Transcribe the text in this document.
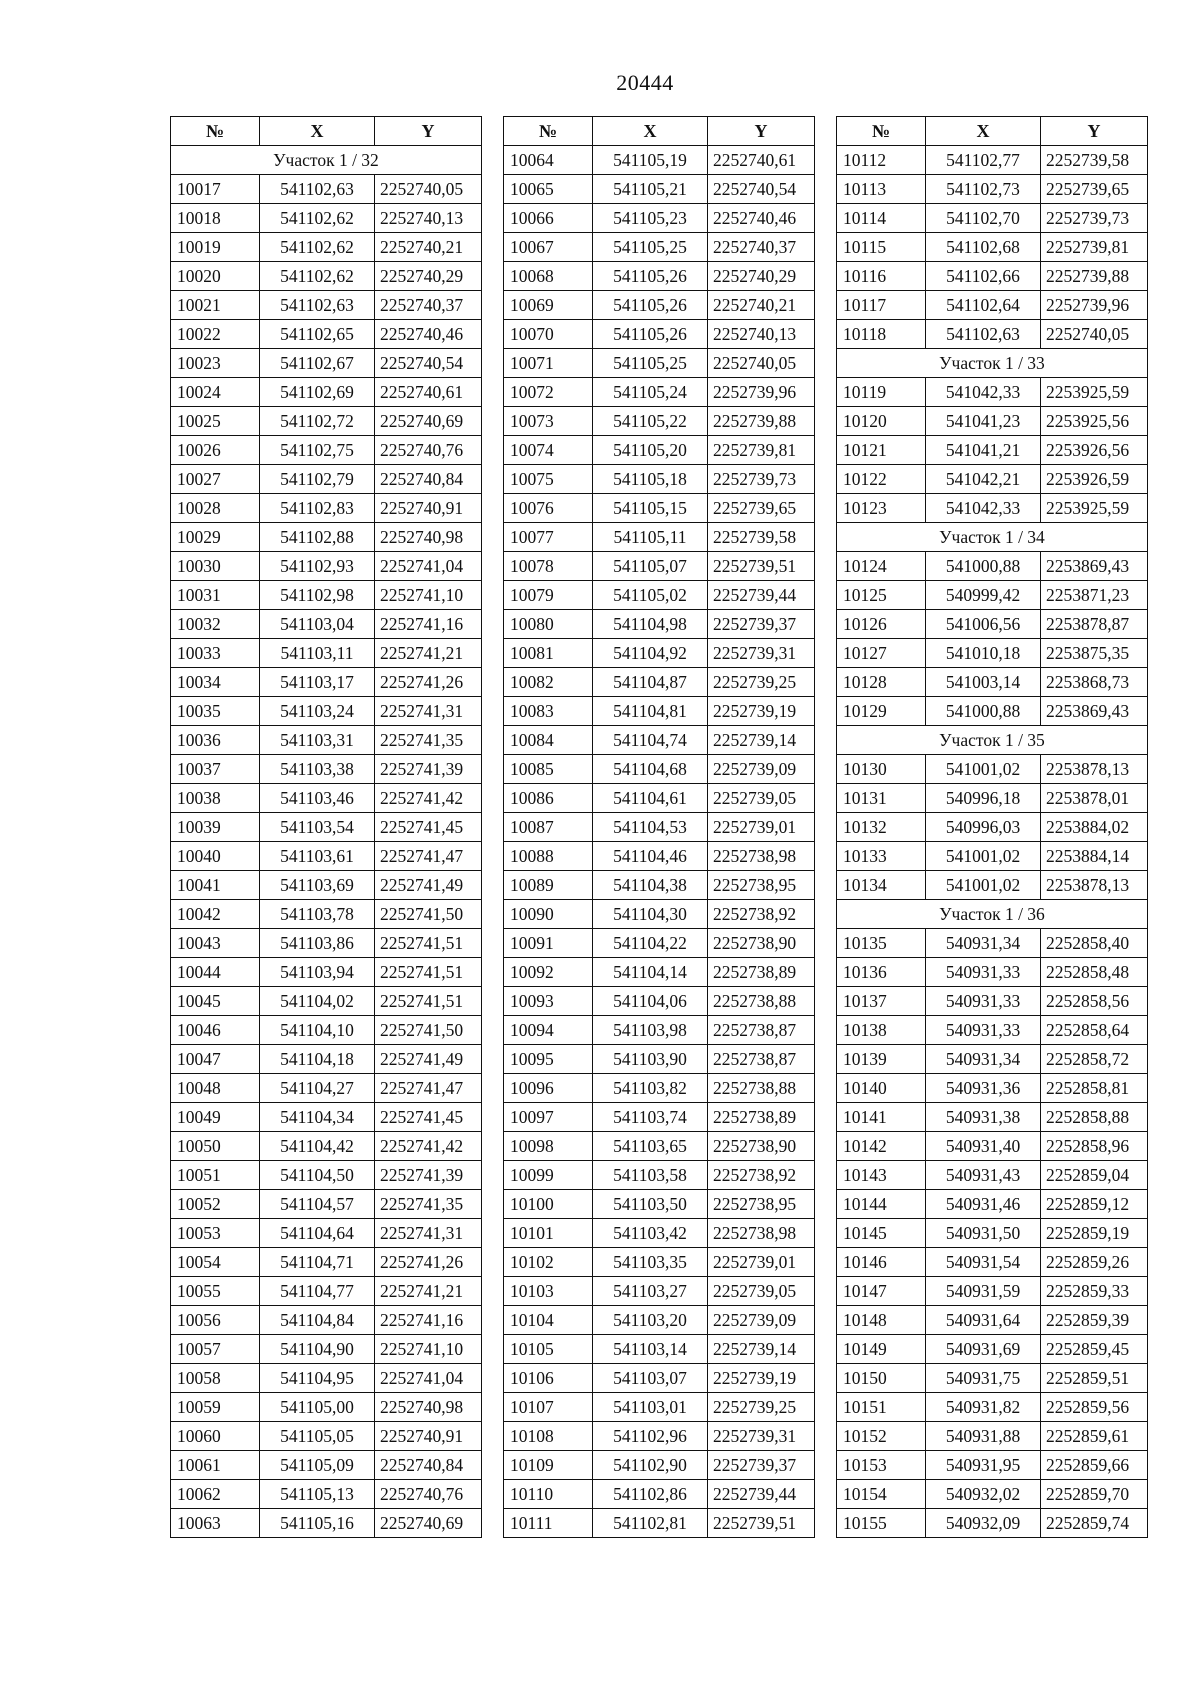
20444
№	X	Y
Участок 1 / 32		
10017	541102,63	2252740,05
10018	541102,62	2252740,13
10019	541102,62	2252740,21
10020	541102,62	2252740,29
10021	541102,63	2252740,37
10022	541102,65	2252740,46
10023	541102,67	2252740,54
10024	541102,69	2252740,61
10025	541102,72	2252740,69
10026	541102,75	2252740,76
10027	541102,79	2252740,84
10028	541102,83	2252740,91
10029	541102,88	2252740,98
10030	541102,93	2252741,04
10031	541102,98	2252741,10
10032	541103,04	2252741,16
10033	541103,11	2252741,21
10034	541103,17	2252741,26
10035	541103,24	2252741,31
10036	541103,31	2252741,35
10037	541103,38	2252741,39
10038	541103,46	2252741,42
10039	541103,54	2252741,45
10040	541103,61	2252741,47
10041	541103,69	2252741,49
10042	541103,78	2252741,50
10043	541103,86	2252741,51
10044	541103,94	2252741,51
10045	541104,02	2252741,51
10046	541104,10	2252741,50
10047	541104,18	2252741,49
10048	541104,27	2252741,47
10049	541104,34	2252741,45
10050	541104,42	2252741,42
10051	541104,50	2252741,39
10052	541104,57	2252741,35
10053	541104,64	2252741,31
10054	541104,71	2252741,26
10055	541104,77	2252741,21
10056	541104,84	2252741,16
10057	541104,90	2252741,10
10058	541104,95	2252741,04
10059	541105,00	2252740,98
10060	541105,05	2252740,91
10061	541105,09	2252740,84
10062	541105,13	2252740,76
10063	541105,16	2252740,69
№	X	Y
10064	541105,19	2252740,61
10065	541105,21	2252740,54
10066	541105,23	2252740,46
10067	541105,25	2252740,37
10068	541105,26	2252740,29
10069	541105,26	2252740,21
10070	541105,26	2252740,13
10071	541105,25	2252740,05
10072	541105,24	2252739,96
10073	541105,22	2252739,88
10074	541105,20	2252739,81
10075	541105,18	2252739,73
10076	541105,15	2252739,65
10077	541105,11	2252739,58
10078	541105,07	2252739,51
10079	541105,02	2252739,44
10080	541104,98	2252739,37
10081	541104,92	2252739,31
10082	541104,87	2252739,25
10083	541104,81	2252739,19
10084	541104,74	2252739,14
10085	541104,68	2252739,09
10086	541104,61	2252739,05
10087	541104,53	2252739,01
10088	541104,46	2252738,98
10089	541104,38	2252738,95
10090	541104,30	2252738,92
10091	541104,22	2252738,90
10092	541104,14	2252738,89
10093	541104,06	2252738,88
10094	541103,98	2252738,87
10095	541103,90	2252738,87
10096	541103,82	2252738,88
10097	541103,74	2252738,89
10098	541103,65	2252738,90
10099	541103,58	2252738,92
10100	541103,50	2252738,95
10101	541103,42	2252738,98
10102	541103,35	2252739,01
10103	541103,27	2252739,05
10104	541103,20	2252739,09
10105	541103,14	2252739,14
10106	541103,07	2252739,19
10107	541103,01	2252739,25
10108	541102,96	2252739,31
10109	541102,90	2252739,37
10110	541102,86	2252739,44
10111	541102,81	2252739,51
№	X	Y
10112	541102,77	2252739,58
10113	541102,73	2252739,65
10114	541102,70	2252739,73
10115	541102,68	2252739,81
10116	541102,66	2252739,88
10117	541102,64	2252739,96
10118	541102,63	2252740,05
Участок 1 / 33		
10119	541042,33	2253925,59
10120	541041,23	2253925,56
10121	541041,21	2253926,56
10122	541042,21	2253926,59
10123	541042,33	2253925,59
Участок 1 / 34		
10124	541000,88	2253869,43
10125	540999,42	2253871,23
10126	541006,56	2253878,87
10127	541010,18	2253875,35
10128	541003,14	2253868,73
10129	541000,88	2253869,43
Участок 1 / 35		
10130	541001,02	2253878,13
10131	540996,18	2253878,01
10132	540996,03	2253884,02
10133	541001,02	2253884,14
10134	541001,02	2253878,13
Участок 1 / 36		
10135	540931,34	2252858,40
10136	540931,33	2252858,48
10137	540931,33	2252858,56
10138	540931,33	2252858,64
10139	540931,34	2252858,72
10140	540931,36	2252858,81
10141	540931,38	2252858,88
10142	540931,40	2252858,96
10143	540931,43	2252859,04
10144	540931,46	2252859,12
10145	540931,50	2252859,19
10146	540931,54	2252859,26
10147	540931,59	2252859,33
10148	540931,64	2252859,39
10149	540931,69	2252859,45
10150	540931,75	2252859,51
10151	540931,82	2252859,56
10152	540931,88	2252859,61
10153	540931,95	2252859,66
10154	540932,02	2252859,70
10155	540932,09	2252859,74
